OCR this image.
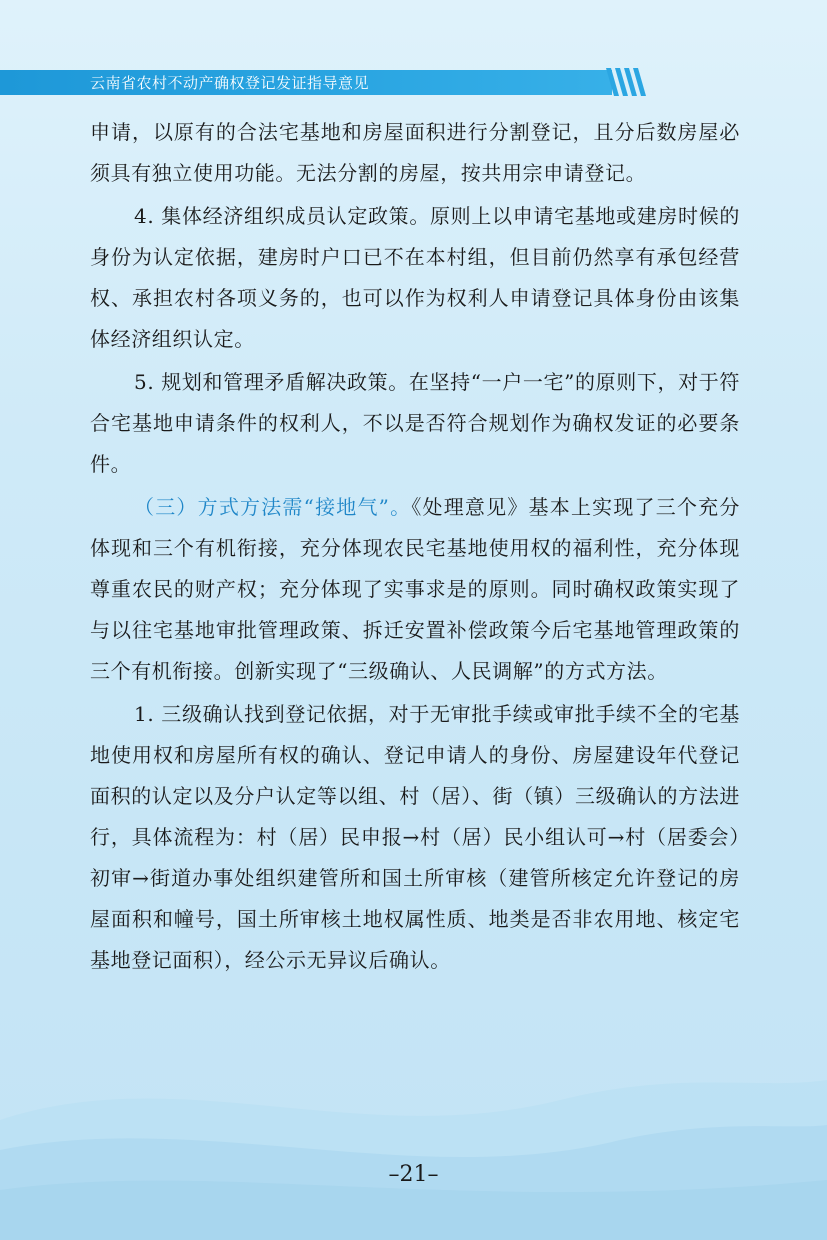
云南省农村不动产确权登记发证指导意见

申请，以原有的合法宅基地和房屋面积进行分割登记，且分后数房屋必须具有独立使用功能。无法分割的房屋，按共用宗申请登记。

4. 集体经济组织成员认定政策。原则上以申请宅基地或建房时候的身份为认定依据，建房时户口已不在本村组，但目前仍然享有承包经营权、承担农村各项义务的，也可以作为权利人申请登记具体身份由该集体经济组织认定。

5. 规划和管理矛盾解决政策。在坚持“一户一宅”的原则下，对于符合宅基地申请条件的权利人，不以是否符合规划作为确权发证的必要条件。

（三）方式方法需“接地气”。《处理意见》基本上实现了三个充分体现和三个有机衔接，充分体现农民宅基地使用权的福利性，充分体现尊重农民的财产权；充分体现了实事求是的原则。同时确权政策实现了与以往宅基地审批管理政策、拆迁安置补偿政策今后宅基地管理政策的三个有机衔接。创新实现了“三级确认、人民调解”的方式方法。

1. 三级确认找到登记依据，对于无审批手续或审批手续不全的宅基地使用权和房屋所有权的确认、登记申请人的身份、房屋建设年代登记面积的认定以及分户认定等以组、村（居）、街（镇）三级确认的方法进行，具体流程为：村（居）民申报→村（居）民小组认可→村（居委会）初审→街道办事处组织建管所和国土所审核（建管所核定允许登记的房屋面积和幢号，国土所审核土地权属性质、地类是否非农用地、核定宅基地登记面积），经公示无异议后确认。

–21–
